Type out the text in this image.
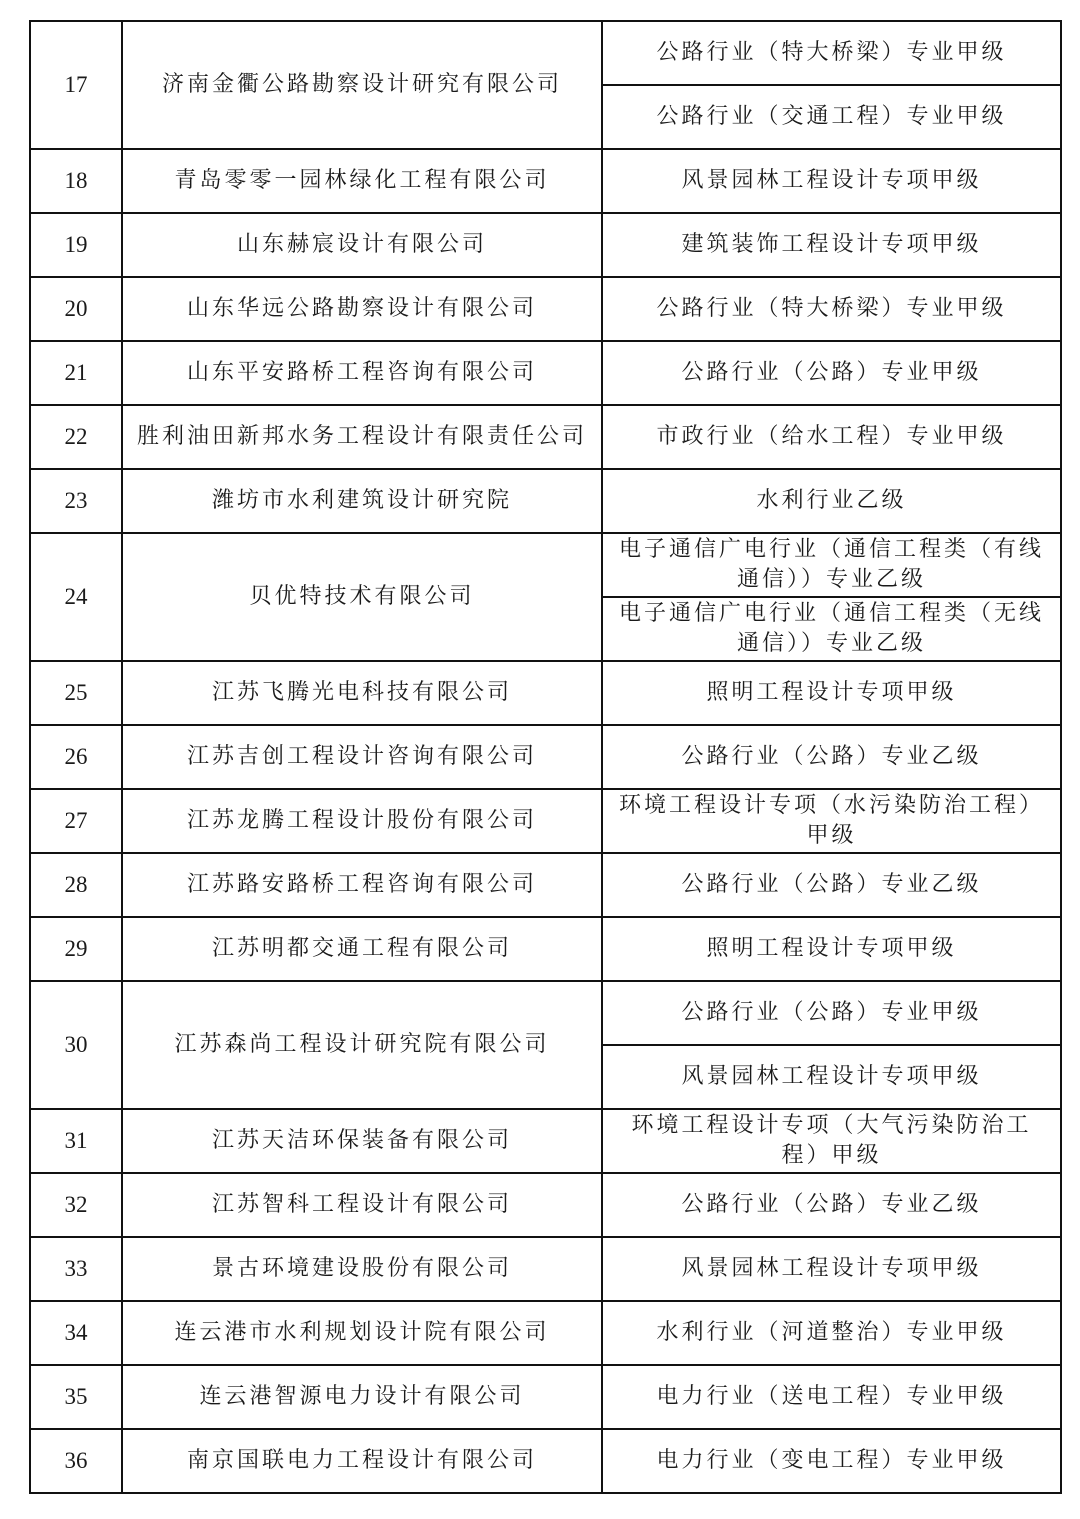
17	济南金衢公路勘察设计研究有限公司	公路行业（特大桥梁）专业甲级
		公路行业（交通工程）专业甲级
18	青岛零零一园林绿化工程有限公司	风景园林工程设计专项甲级
19	山东赫宸设计有限公司	建筑装饰工程设计专项甲级
20	山东华远公路勘察设计有限公司	公路行业（特大桥梁）专业甲级
21	山东平安路桥工程咨询有限公司	公路行业（公路）专业甲级
22	胜利油田新邦水务工程设计有限责任公司	市政行业（给水工程）专业甲级
23	潍坊市水利建筑设计研究院	水利行业乙级
24	贝优特技术有限公司	电子通信广电行业（通信工程类（有线通信））专业乙级
		电子通信广电行业（通信工程类（无线通信））专业乙级
25	江苏飞腾光电科技有限公司	照明工程设计专项甲级
26	江苏吉创工程设计咨询有限公司	公路行业（公路）专业乙级
27	江苏龙腾工程设计股份有限公司	环境工程设计专项（水污染防治工程）甲级
28	江苏路安路桥工程咨询有限公司	公路行业（公路）专业乙级
29	江苏明都交通工程有限公司	照明工程设计专项甲级
30	江苏森尚工程设计研究院有限公司	公路行业（公路）专业甲级
		风景园林工程设计专项甲级
31	江苏天洁环保装备有限公司	环境工程设计专项（大气污染防治工程）甲级
32	江苏智科工程设计有限公司	公路行业（公路）专业乙级
33	景古环境建设股份有限公司	风景园林工程设计专项甲级
34	连云港市水利规划设计院有限公司	水利行业（河道整治）专业甲级
35	连云港智源电力设计有限公司	电力行业（送电工程）专业甲级
36	南京国联电力工程设计有限公司	电力行业（变电工程）专业甲级
